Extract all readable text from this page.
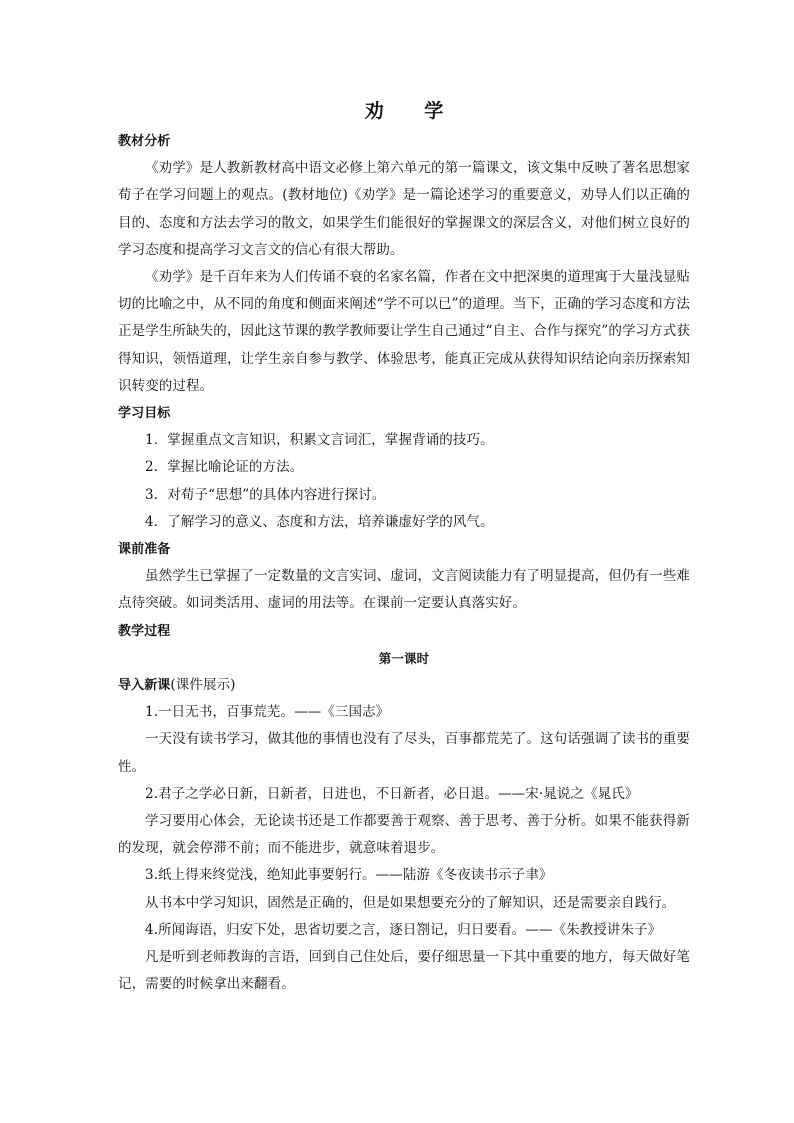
劝 学

教材分析

《劝学》是人教新教材高中语文必修上第六单元的第一篇课文，该文集中反映了著名思想家荀子在学习问题上的观点。(教材地位)《劝学》是一篇论述学习的重要意义，劝导人们以正确的目的、态度和方法去学习的散文，如果学生们能很好的掌握课文的深层含义，对他们树立良好的学习态度和提高学习文言文的信心有很大帮助。

《劝学》是千百年来为人们传诵不衰的名家名篇，作者在文中把深奥的道理寓于大量浅显贴切的比喻之中，从不同的角度和侧面来阐述“学不可以已”的道理。当下，正确的学习态度和方法正是学生所缺失的，因此这节课的教学教师要让学生自己通过“自主、合作与探究”的学习方式获得知识，领悟道理，让学生亲自参与教学、体验思考，能真正完成从获得知识结论向亲历探索知识转变的过程。

学习目标

1．掌握重点文言知识，积累文言词汇，掌握背诵的技巧。

2．掌握比喻论证的方法。

3．对荀子“思想”的具体内容进行探讨。

4．了解学习的意义、态度和方法，培养谦虚好学的风气。

课前准备

虽然学生已掌握了一定数量的文言实词、虚词，文言阅读能力有了明显提高，但仍有一些难点待突破。如词类活用、虚词的用法等。在课前一定要认真落实好。

教学过程

第一课时

导入新课(课件展示)

1.一日无书，百事荒芜。——《三国志》

一天没有读书学习，做其他的事情也没有了尽头，百事都荒芜了。这句话强调了读书的重要性。

2.君子之学必日新，日新者，日进也，不日新者，必日退。——宋·晁说之《晁氏》

学习要用心体会，无论读书还是工作都要善于观察、善于思考、善于分析。如果不能获得新的发现，就会停滞不前；而不能进步，就意味着退步。

3.纸上得来终觉浅，绝知此事要躬行。——陆游《冬夜读书示子聿》

从书本中学习知识，固然是正确的，但是如果想要充分的了解知识，还是需要亲自践行。

4.所闻诲语，归安下处，思省切要之言，逐日劄记，归日要看。——《朱教授讲朱子》

凡是听到老师教诲的言语，回到自己住处后，要仔细思量一下其中重要的地方，每天做好笔记，需要的时候拿出来翻看。
